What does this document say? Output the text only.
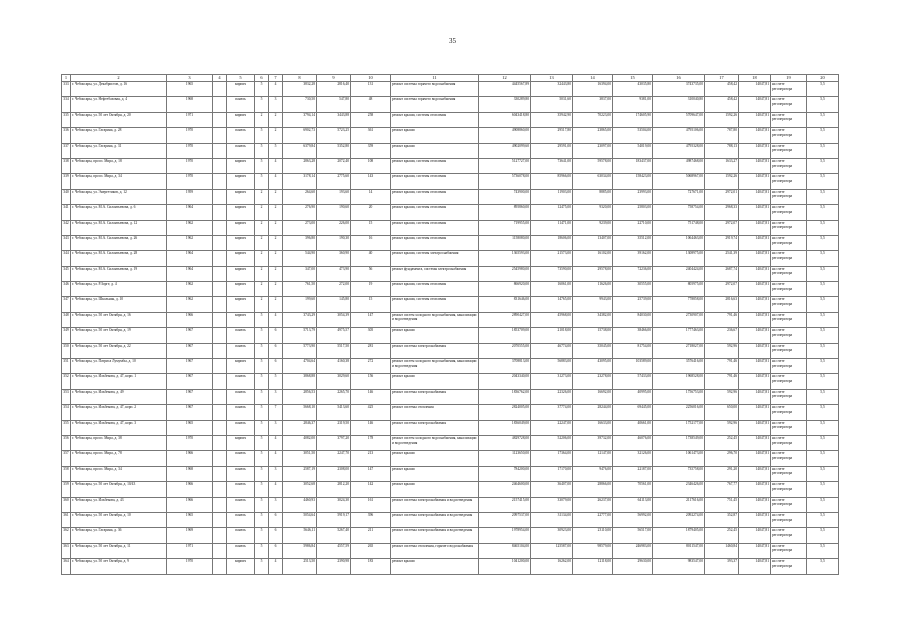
35
1	2	3	4	5	6	7	8	9	10	11	12	13	14	15	16	17	18	19	20
333	г. Чебоксары, ул. Декабристов, д. 16	1965		кирпич	5	4	3832,28	2816,40	131	ремонт системы горячего водоснабжения	4445567,89	32443,80	16394,00	43035,80	3743735,00	458,42	14047,81	на счете регоператора	5,5
334	г. Чебоксары, ул. Нефтебазовая, д. 4	1968		панель	5	3	730,50	547,80	48	ремонт системы горячего водоснабжения	330289,80	5031,60	3837,00	9381,00	310040,80	458,42	14047,81	на счете регоператора	5,5
335	г. Чебоксары, ул. 50 лет Октября, д. 20	1971		кирпич	2	2	3794,14	3443,88	258	ремонт крыши, системы отопления	6043418,80	35942,90	70223,00	174605,90	5709647,00	1592,26	14047,81	на счете регоператора	5,5
336	г. Чебоксары, ул. Гагарина, д. 28	1970		панель	5	2	6902,73	5723,25	361	ремонт крыши	4908860,00	29517,80	23865,00	53504,00	4795106,00	787,80	14047,81	на счете регоператора	5,5
337	г. Чебоксары, ул. Гагарина, д. 31	1970		панель	5	5	6379,84	5352,80	359	ремонт крыши	4902099,60	29591,00	23097,00	54019,00	4795328,00	788,13	14047,81	на счете регоператора	5,5
338	г. Чебоксары, просп. Мира, д. 18	1970		кирпич	5	4	2863,28	2072,40	108	ремонт крыши, системы отопления	5127727,00	73641,00	59578,00	183437,00	4987468,00	1633,27	14047,81	на счете регоператора	5,5
339	г. Чебоксары, просп. Мира, д. 34	1970		кирпич	5	4	3178,14	2775,60	143	ремонт крыши, системы отопления	5736078,00	85966,00	63034,00	158423,00	5068967,00	1592,26	14047,81	на счете регоператора	5,5
340	г. Чебоксары, ул. Энергетиков, д. 12	1959		кирпич	2	2	264,60	193,60	14	ремонт крыши, системы отопления	743900,00	11903,00	8885,00	23993,00	727671,00	2972,01	14047,81	на счете регоператора	5,5
341	г. Чебоксары, ул. М.А. Силантьевова, д. 6	1964		кирпич	2	2	276,90	190,60	20	ремонт крыши, системы отопления	895860,00	12475,00	9320,00	25803,00	758754,00	2968,33	14047,81	на счете регоператора	5,5
342	г. Чебоксары, ул. М.А. Силантьевова, д. 12	1962		кирпич	2	2	273,00	226,00	15	ремонт крыши, системы отопления	719955,00	11471,00	9239,00	22710,00	751748,00	2972,07	14047,81	на счете регоператора	5,5
343	г. Чебоксары, ул. М.А. Силантьевова, д. 26	1962		кирпич	2	2	396,80	190,30	16	ремонт крыши, системы отопления	1158080,00	18606,00	13407,00	35512,00	1064463,00	2919,74	14047,81	на счете регоператора	5,5
344	г. Чебоксары, ул. М.А. Силантьевова, д. 28	1964		кирпич	2	2	544,90	360,90	40	ремонт крыши, системы электроснабжения	1365593,00	21573,00	16102,00	39162,00	1308975,00	2541,39	14047,81	на счете регоператора	5,5
345	г. Чебоксары, ул. М.А. Силантьевова, д. 19	1964		кирпич	2	2	347,00	473,90	56	ремонт фундамента, системы электроснабжения	2545980,00	73590,00	29578,00	72236,00	2404424,00	2687,74	14047,81	на счете регоператора	5,5
346	г. Чебоксары, ул. Р.Зорге, д. 4	1962		кирпич	2	2	761,50	272,00	19	ремонт крыши, системы отопления	866920,00	16061,00	11626,00	30555,00	805975,00	2972,07	14047,81	на счете регоператора	5,5
347	г. Чебоксары, ул. Школьная, д. 10	1962		кирпич	2	2	199,60	145,80	15	ремонт крыши, системы отопления	831646,00	14765,00	9943,00	25739,00	778858,00	2816,63	14047,81	на счете регоператора	5,5
348	г. Чебоксары, ул. 50 лет Октября, д. 16	1966		кирпич	5	4	3743,29	3054,39	147	ремонт систем холодного водоснабжения, канализации и водоотведения	2890427,00	45968,00	34382,00	84030,00	2730907,00	791,46	14047,81	на счете регоператора	5,5
349	г. Чебоксары, ул. 50 лет Октября, д. 19	1967		панель	5	6	5713,79	4975,57	305	ремонт крыши	1853709,00	21018,00	15738,00	38466,00	1777463,00	236,67	14047,81	на счете регоператора	5,5
350	г. Чебоксары, ул. 50 лет Октября, д. 22	1967		панель	5	6	5773,90	5517,50	281	ремонт системы электроснабжения	2070555,00	46774,00	35045,00	81754,00	2718027,00	592,96	14047,81	на счете регоператора	5,5
351	г. Чебоксары, ул. Патриса Лумумбы, д. 10	1967		кирпич	5	6	4704,64	4160,38	272	ремонт систем холодного водоснабжения, канализации и водоотведения	3708813,00	56883,00	43095,00	103589,00	3576416,00	791,46	14047,81	на счете регоператора	5,5
352	г. Чебоксары, ул. Ильбекова, д. 47, корп. 1	1967		панель	5	5	3868,88	3029,60	156	ремонт крыши	2043340,00	31273,00	23278,00	57433,00	1968528,00	791,46	14047,81	на счете регоператора	5,5
353	г. Чебоксары, ул. Ильбекова, д. 49	1967		панель	5	3	2856,53	2265,70	146	ремонт системы электроснабжения	1836762,00	22326,00	16692,00	40995,00	1756753,00	592,96	14047,81	на счете регоператора	5,5
354	г. Чебоксары, ул. Ильбекова, д. 47, корп. 2	1967		панель	5	7	5668,10	5413,60	425	ремонт системы отопления	2824005,00	37774,00	28244,00	69445,00	2256016,00	650,00	14047,81	на счете регоператора	5,5
355	г. Чебоксары, ул. Ильбекова, д. 47, корп. 3	1965		панель	5	3	2846,37	2319,50	146	ремонт системы электроснабжения	1836049,00	22247,00	16633,00	40661,00	1752177,00	592,96	14047,81	на счете регоператора	5,5
356	г. Чебоксары, просп. Мира, д. 38	1970		кирпич	5	4	4082,00	3797,20	178	ремонт систем холодного водоснабжения, канализации и водоотведения	4829728,00	52206,00	39732,00	46076,00	1738549,00	252,45	14047,81	на счете регоператора	5,5
357	г. Чебоксары, просп. Мира, д. 78	1966		панель	5	4	3051,50	2247,70	213	ремонт крыши	1123650,00	17364,00	12147,00	32126,00	1061473,00	296,70	14047,81	на счете регоператора	5,5
358	г. Чебоксары, просп. Мира, д. 34	1968		панель	5	3	2587,19	2308,00	147	ремонт крыши	784200,00	17170,00	9476,00	22187,00	735758,00	291,20	14047,81	на счете регоператора	5,5
359	г. Чебоксары, ул. 50 лет Октября, д. 10/43	1966		панель	5	4	3052,68	2812,20	142	ремонт крыши	2464600,00	36407,00	28866,00	70561,00	2346426,00	767,77	14047,81	на счете регоператора	5,5
360	г. Чебоксары, ул. Ильбекова, д. 43	1966		панель	5	3	4460,93	3024,30	161	ремонт системы электроснабжения и водоотведения	2157415,00	33079,00	26237,00	64113,00	2117616,00	751,45	14047,81	на счете регоператора	5,5
361	г. Чебоксары, ул. 50 лет Октября, д. 10	1965		панель	5	6	5054,64	5919,17	396	ремонт системы электроснабжения и водоотведения	2097537,00	31134,00	22777,00	56992,00	2092274,00	352,87	14047,81	на счете регоператора	5,5
362	г. Чебоксары, ул. Гагарина, д. 36	1969		панель	5	6	5646,11	5267,40	211	ремонт системы электроснабжения и водоотведения	1978954,00	30923,00	23110,00	56517,00	1879405,00	252,45	14047,81	на счете регоператора	5,5
363	г. Чебоксары, ул. 50 лет Октября, д. 11	1971		панель	5	6	5986,84	4557,59	265	ремонт системы отопления, горячего водоснабжения	8465104,00	125587,00	98579,00	246983,00	8011547,00	1460,84	14047,81	на счете регоператора	5,5
364	г. Чебоксары, ул. 50 лет Октября, д. 9	1970		кирпич	5	4	2513,50	2390,98	183	ремонт крыши	1041200,00	16262,00	12118,00	29630,00	983547,00	393,37	14047,81	на счете регоператора	5,5
